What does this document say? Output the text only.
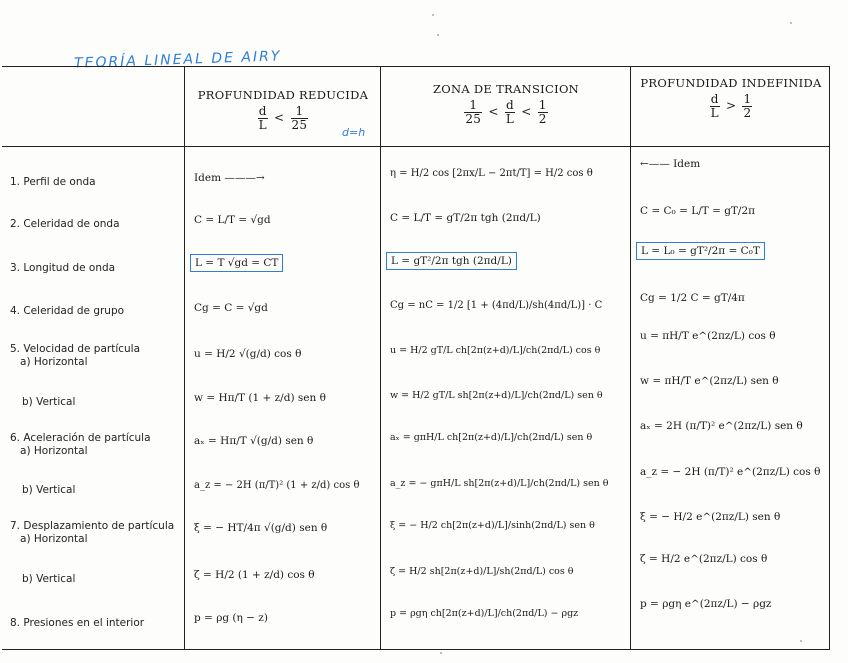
TEORÍA LINEAL DE AIRY
d=h
PROFUNDIDAD REDUCIDA
$\frac{d}{L} < \frac{1}{25}$
ZONA DE TRANSICION
$\frac{1}{25} < \frac{d}{L} < \frac{1}{2}$
PROFUNDIDAD INDEFINIDA
$\frac{d}{L} > \frac{1}{2}$
1. Perfil de onda
2. Celeridad de onda
3. Longitud de onda
4. Celeridad de grupo
5. Velocidad de partícula
a) Horizontal
b) Vertical
6. Aceleración de partícula
a) Horizontal
b) Vertical
7. Desplazamiento de partícula
a) Horizontal
b) Vertical
8. Presiones en el interior
Idem ———→
C = L/T = √gd
L = T √gd = CT
Cg = C = √gd
u = H/2 √(g/d) cos θ
w = Hπ/T (1 + z/d) sen θ
aₓ = Hπ/T √(g/d) sen θ
a_z = − 2H (π/T)² (1 + z/d) cos θ
ξ = − HT/4π √(g/d) sen θ
ζ = H/2 (1 + z/d) cos θ
p = ρg (η − z)
η = H/2 cos [2πx/L − 2πt/T] = H/2 cos θ
C = L/T = gT/2π tgh (2πd/L)
L = gT²/2π tgh (2πd/L)
Cg = nC = 1/2 [1 + (4πd/L)/sh(4πd/L)] · C
u = H/2 gT/L ch[2π(z+d)/L]/ch(2πd/L) cos θ
w = H/2 gT/L sh[2π(z+d)/L]/ch(2πd/L) sen θ
aₓ = gπH/L ch[2π(z+d)/L]/ch(2πd/L) sen θ
a_z = − gπH/L sh[2π(z+d)/L]/ch(2πd/L) sen θ
ξ = − H/2 ch[2π(z+d)/L]/sinh(2πd/L) sen θ
ζ = H/2 sh[2π(z+d)/L]/sh(2πd/L) cos θ
p = ρgη ch[2π(z+d)/L]/ch(2πd/L) − ρgz
←—— Idem
C = C₀ = L/T = gT/2π
L = L₀ = gT²/2π = C₀T
Cg = 1/2 C = gT/4π
u = πH/T e^(2πz/L) cos θ
w = πH/T e^(2πz/L) sen θ
aₓ = 2H (π/T)² e^(2πz/L) sen θ
a_z = − 2H (π/T)² e^(2πz/L) cos θ
ξ = − H/2 e^(2πz/L) sen θ
ζ = H/2 e^(2πz/L) cos θ
p = ρgη e^(2πz/L) − ρgz
